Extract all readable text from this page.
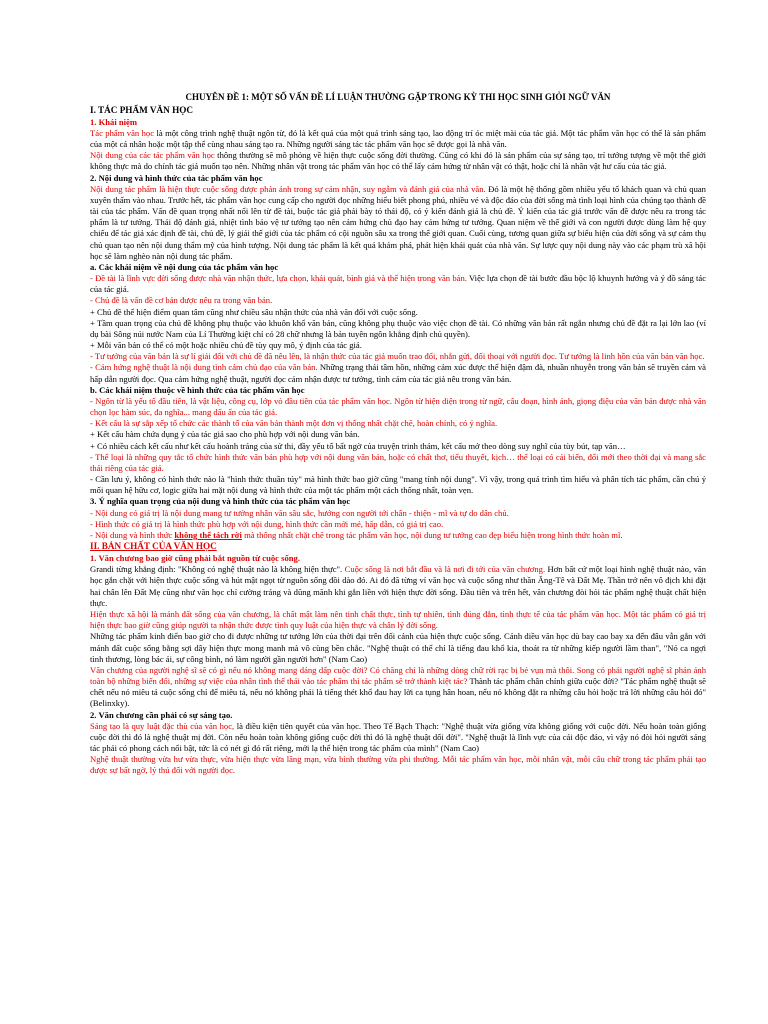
CHUYÊN ĐỀ 1: MỘT SỐ VẤN ĐỀ LÍ LUẬN THƯỜNG GẶP TRONG KỲ THI HỌC SINH GIỎI NGỮ VĂN
I. TÁC PHẨM VĂN HỌC
1. Khái niệm

Tác phẩm văn học là một công trình nghệ thuật ngôn từ, đó là kết quả của một quá trình sáng tạo, lao động trí óc miệt mài của tác giả. Một tác phẩm văn học có thể là sản phẩm của một cá nhân hoặc một tập thể cùng nhau sáng tạo ra. Những người sáng tác tác phẩm văn học sẽ được gọi là nhà văn.

Nội dung của các tác phẩm văn học thông thường sẽ mô phỏng về hiện thực cuộc sống đời thường. Cũng có khi đó là sản phẩm của sự sáng tạo, trí tưởng tượng về một thế giới không thực mà do chính tác giả muốn tạo nên. Những nhân vật trong tác phẩm văn học có thể lấy cảm hứng từ nhân vật có thật, hoặc chỉ là nhân vật hư cấu của tác giả.

2. Nội dung và hình thức của tác phẩm văn học

Nội dung tác phẩm là hiện thực cuộc sống được phản ánh trong sự cảm nhận, suy ngẫm và đánh giá của nhà văn. Đó là một hệ thống gồm nhiều yếu tố khách quan và chủ quan xuyên thấm vào nhau. Trước hết, tác phẩm văn học cung cấp cho người đọc những hiểu biết phong phú, nhiều vẻ và độc đáo của đời sống mà tình loại hình của chúng tạo thành đề tài của tác phẩm. Vấn đề quan trọng nhất nổi lên từ đề tài, buộc tác giả phải bày tỏ thái độ, có ý kiến đánh giá là chủ đề. Ý kiến của tác giả trước vấn đề được nêu ra trong tác phẩm là tư tưởng. Thái độ đánh giá, nhiệt tình bảo vệ tư tưởng tạo nên cảm hứng chủ đạo hay cảm hứng tư tưởng. Quan niệm về thế giới và con người được dùng làm hệ quy chiếu để tác giả xác định đề tài, chủ đề, lý giải thế giới của tác phẩm có cội nguồn sâu xa trong thế giới quan. Cuối cùng, tương quan giữa sự biểu hiện của đời sống và sự cảm thụ chủ quan tạo nên nội dung thẩm mỹ của hình tượng. Nội dung tác phẩm là kết quả khám phá, phát hiện khái quát của nhà văn. Sự lược quy nội dung này vào các phạm trù xã hội học sẽ làm nghèo nàn nội dung tác phẩm.

a. Các khái niệm về nội dung của tác phẩm văn học

- Đề tài là lĩnh vực đời sống được nhà văn nhận thức, lựa chọn, khái quát, bình giá và thể hiện trong văn bản. Việc lựa chọn đề tài bước đầu bộc lộ khuynh hướng và ý đồ sáng tác của tác giả.

- Chủ đề là vấn đề cơ bản được nêu ra trong văn bản.

+ Chủ đề thể hiện điểm quan tâm cũng như chiều sâu nhận thức của nhà văn đối với cuộc sống.

+ Tầm quan trọng của chủ đề không phụ thuộc vào khuôn khổ văn bản, cũng không phụ thuộc vào việc chọn đề tài. Có những văn bản rất ngắn nhưng chủ đề đặt ra lại lớn lao (ví dụ bài Sông núi nước Nam của Lí Thường kiệt chỉ có 28 chữ nhưng là bản tuyên ngôn khẳng định chủ quyền).

+ Mỗi văn bản có thể có một hoặc nhiều chủ đề tùy quy mô, ý định của tác giả.

- Tư tưởng của văn bản là sự lí giải đối với chủ đề đã nêu lên, là nhận thức của tác giả muốn trao đổi, nhắn gửi, đối thoại với người đọc. Tư tưởng là linh hồn của văn bản văn học.

- Cảm hứng nghệ thuật là nội dung tình cảm chủ đạo của văn bản. Những trạng thái tâm hồn, những cảm xúc được thể hiện đậm đà, nhuần nhuyễn trong văn bản sẽ truyền cảm và hấp dẫn người đọc. Qua cảm hứng nghệ thuật, người đọc cảm nhận được tư tưởng, tình cảm của tác giả nêu trong văn bản.

b. Các khái niệm thuộc về hình thức của tác phẩm văn học

- Ngôn từ là yếu tố đầu tiên, là vật liệu, công cụ, lớp vỏ đầu tiên của tác phẩm văn học. Ngôn từ hiện diện trong từ ngữ, câu đoạn, hình ảnh, giọng điệu của văn bản được nhà văn chọn lọc hàm súc, đa nghĩa... mang dấu ấn của tác giả.

- Kết cấu là sự sắp xếp tổ chức các thành tố của văn bản thành một đơn vị thống nhất chặt chẽ, hoàn chỉnh, có ý nghĩa.

+ Kết cấu hàm chứa dụng ý của tác giả sao cho phù hợp với nội dung văn bản.

+ Có nhiều cách kết cấu như kết cấu hoành tráng của sử thi, đầy yếu tố bất ngờ của truyện trinh thám, kết cấu mở theo dòng suy nghĩ của tùy bút, tạp văn…

- Thể loại là những quy tắc tổ chức hình thức văn bản phù hợp với nội dung văn bản, hoặc có chất thơ, tiểu thuyết, kịch… thể loại có cải biến, đổi mới theo thời đại và mang sắc thái riêng của tác giả.

- Cần lưu ý, không có hình thức nào là "hình thức thuần túy" mà hình thức bao giờ cũng "mang tính nội dung". Vì vậy, trong quá trình tìm hiểu và phân tích tác phẩm, cần chú ý mối quan hệ hữu cơ, logic giữa hai mặt nội dung và hình thức của một tác phẩm một cách thống nhất, toàn vẹn.

3. Ý nghĩa quan trọng của nội dung và hình thức của tác phẩm văn học

- Nội dung có giá trị là nội dung mang tư tưởng nhân văn sâu sắc, hướng con người tới chân - thiện - mĩ và tự do dân chủ.

- Hình thức có giá trị là hình thức phù hợp với nội dung, hình thức cần mới mẻ, hấp dẫn, có giá trị cao.

- Nội dung và hình thức không thể tách rời mà thống nhất chặt chẽ trong tác phẩm văn học, nội dung tư tưởng cao đẹp biểu hiện trong hình thức hoàn mĩ.

II. BẢN CHẤT CỦA VĂN HỌC
1. Văn chương bao giờ cũng phải bắt nguồn từ cuộc sống.

Grandi từng khẳng định: "Không có nghệ thuật nào là không hiện thực". Cuộc sống là nơi bắt đầu và là nơi đi tới của văn chương. Hơn bất cứ một loại hình nghệ thuật nào, văn học gắn chặt với hiện thực cuộc sống và hút mật ngọt từ nguồn sống đồi dào đó. Ai đó đã từng ví văn học và cuộc sống như thần Ăng-Tê và Đất Mẹ. Thần trở nên vô địch khi đặt hai chân lên Đất Mẹ cũng như văn học chỉ cường tráng và dũng mãnh khi gắn liền với hiện thực đời sống. Đầu tiên và trên hết, văn chương đòi hỏi tác phẩm nghệ thuật chất hiện thực.

Hiện thực xã hội là mảnh đất sống của văn chương, là chất mật làm nên tinh chất thực, tình tự nhiên, tình đúng đắn, tình thực tế của tác phẩm văn học. Một tác phẩm có giá trị hiện thực bao giờ cũng giúp người ta nhận thức được tình quy luật của hiện thực và chân lý đời sống.

Những tác phẩm kinh điển bao giờ cho đi được những tư tưởng lớn của thời đại trên đối cảnh của hiện thực cuộc sống. Cánh diều văn học dù bay cao bay xa đến đâu vẫn gắn với mảnh đất cuộc sống bằng sợi dây hiện thực mong manh mà vô cùng bền chắc. "Nghệ thuật có thể chỉ là tiếng đau khổ kia, thoát ra từ những kiếp người lầm than", "Nó ca ngợi tình thương, lòng bác ái, sự công bình, nó làm người gần người hơn" (Nam Cao)

Văn chương của người nghệ sĩ sẽ có gì nếu nó không mang dáng dấp cuộc đời? Có chăng chỉ là những dòng chữ rời rạc bị bẻ vụn mà thôi. Song có phải người nghệ sĩ phản ánh toàn bộ những biến đổi, những sự việc của nhân tình thế thái vào tác phẩm thì tác phẩm sẽ trở thành kiệt tác? Thành tác phẩm chân chính giữa cuộc đời? "Tác phẩm nghệ thuật sẽ chết nếu nó miêu tả cuộc sống chỉ để miêu tả, nếu nó không phải là tiếng thét khổ đau hay lời ca tụng hân hoan, nếu nó không đặt ra những câu hỏi hoặc trả lời những câu hỏi đó" (Belinxky).

2. Văn chương cần phải có sự sáng tạo.

Sáng tạo là quy luật đặc thù của văn học, là điều kiện tiên quyết của văn học. Theo Tế Bạch Thạch: "Nghệ thuật vừa giống vừa không giống với cuộc đời. Nếu hoàn toàn giống cuộc đời thì đó là nghệ thuật mị đời. Còn nếu hoàn toàn không giống cuộc đời thì đó là nghệ thuật dối đời". "Nghệ thuật là lĩnh vực của cái độc đáo, vì vậy nó đòi hỏi người sáng tác phải có phong cách nổi bật, tức là có nét gì đó rất riêng, mới lạ thể hiện trong tác phẩm của mình" (Nam Cao)

Nghệ thuật thường vừa hư vừa thực, vừa hiện thực vừa lãng mạn, vừa bình thường vừa phi thường. Mỗi tác phẩm văn học, mỗi nhân vật, mỗi câu chữ trong tác phẩm phải tạo được sự bất ngờ, lý thú đối với người đọc.
